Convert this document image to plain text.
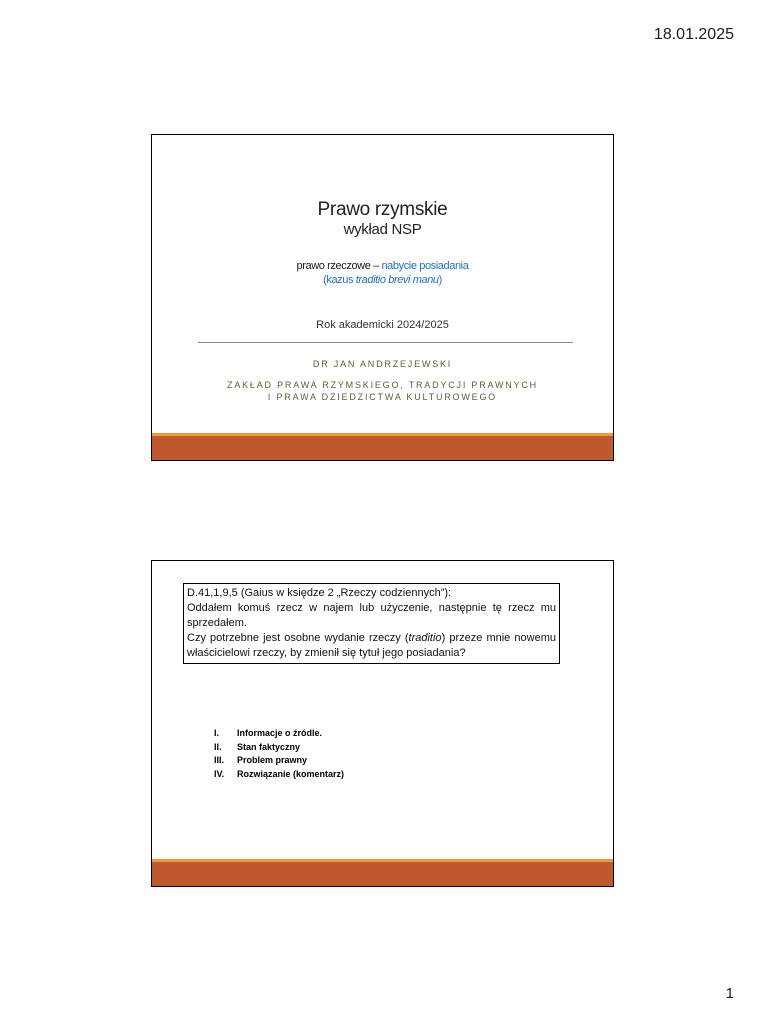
18.01.2025
Prawo rzymskie
wykład NSP
prawo rzeczowe – nabycie posiadania
(kazus traditio brevi manu)
Rok akademicki 2024/2025
DR JAN ANDRZEJEWSKI
ZAKŁAD PRAWA RZYMSKIEGO, TRADYCJI PRAWNYCH
I PRAWA DZIEDZICTWA KULTUROWEGO
D.41,1,9,5 (Gaius w księdze 2 „Rzeczy codziennych”):
Oddałem komuś rzecz w najem lub użyczenie, następnie tę rzecz mu sprzedałem.
Czy potrzebne jest osobne wydanie rzeczy (traditio) przeze mnie nowemu właścicielowi rzeczy, by zmienił się tytuł jego posiadania?
I.	Informacje o źródle.
II.	Stan faktyczny
III.	Problem prawny
IV.	Rozwiązanie (komentarz)
1
